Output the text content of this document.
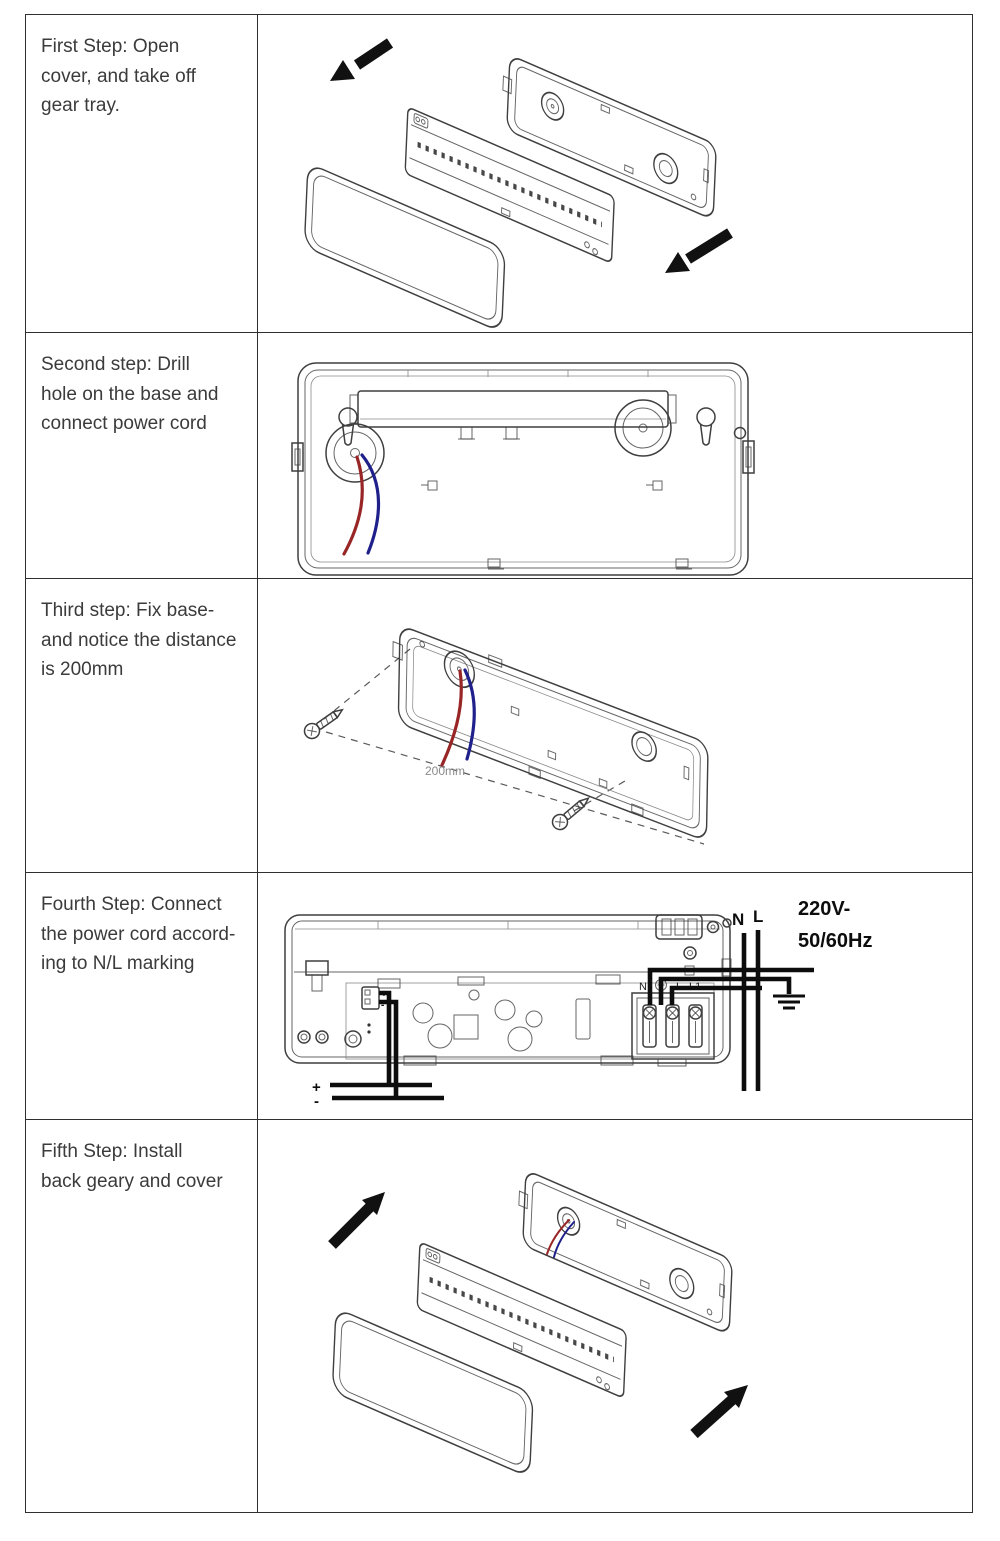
First Step: Open
cover, and take off
gear tray.
Second step: Drill
hole on the base and
connect power cord
Third step: Fix base-
and notice the distance
is 200mm
200mm
Fourth Step: Connect
the power cord accord-
ing to N/L marking
+
-
+
-
N	L L1
N L 220V-
50/60Hz
Fifth Step: Install
back geary and cover
